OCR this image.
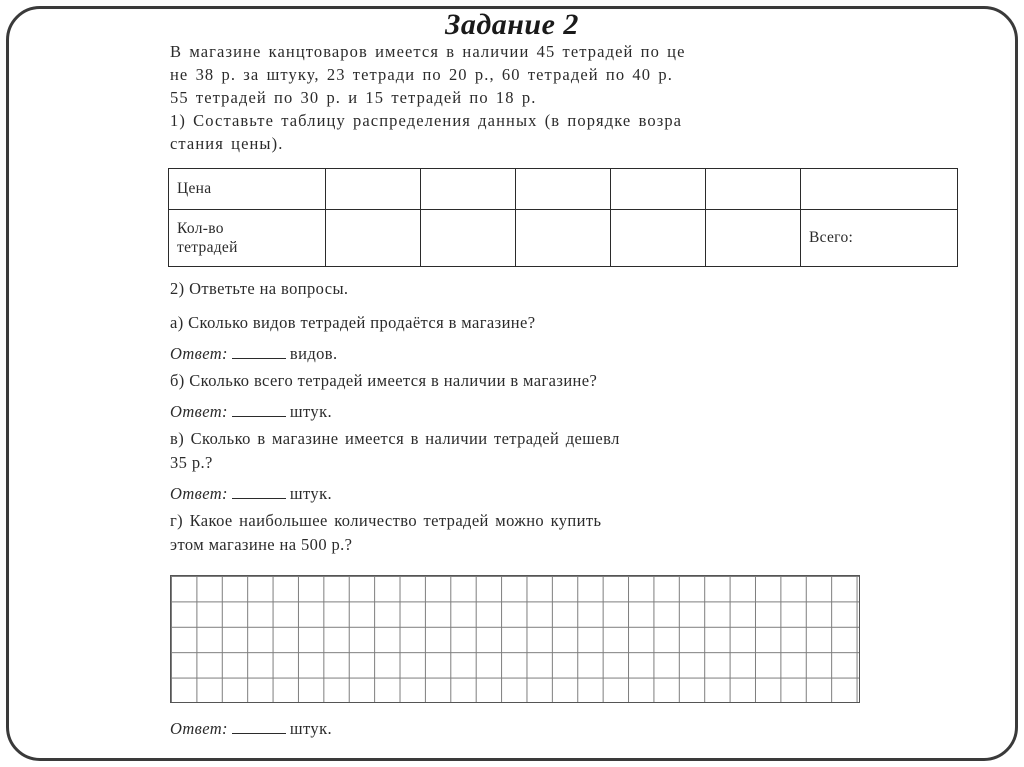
Задание 2
В магазине канцтоваров имеется в наличии 45 тетрадей по це
не 38 р. за штуку, 23 тетради по 20 р., 60 тетрадей по 40 р.
55 тетрадей по 30 р. и 15 тетрадей по 18 р.
1) Составьте таблицу распределения данных (в порядке возра
стания цены).
Цена						

Кол-во
тетрадей						Всего:
2) Ответьте на вопросы.
а) Сколько видов тетрадей продаётся в магазине?
Ответ:	видов.
б) Сколько всего тетрадей имеется в наличии в магазине?
Ответ:	штук.
в) Сколько в магазине имеется в наличии тетрадей дешевл
35 р.?
Ответ:	штук.
г) Какое наибольшее количество тетрадей можно купить
этом магазине на 500 р.?
Ответ:	штук.
